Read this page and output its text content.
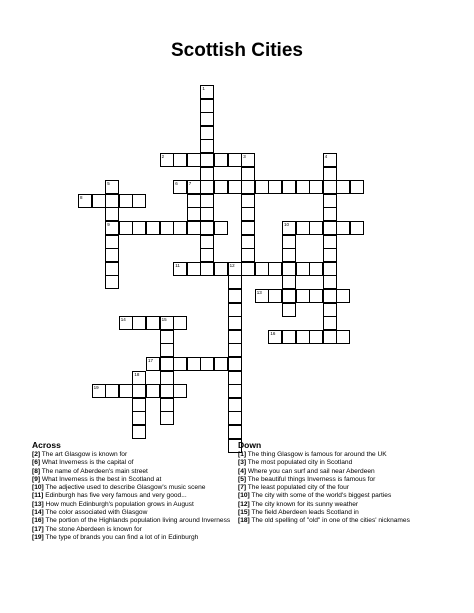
Scottish Cities
1
2	3	4
5
9
6 7
8
10
11	12
13
14	15
16
17
18
19
Across
[2] The art Glasgow is known for
[6] What Inverness is the capital of
[8] The name of Aberdeen's main street
[9] What Inverness is the best in Scotland at
[10] The adjective used to describe Glasgow's music scene
[11] Edinburgh has five very famous and very good...
[13] How much Edinburgh's population grows in August
[14] The color associated with Glasgow
[16] The portion of the Highlands population living around Inverness
[17] The stone Aberdeen is known for
[19] The type of brands you can find a lot of in Edinburgh
Down
[1] The thing Glasgow is famous for around the UK
[3] The most populated city in Scotland
[4] Where you can surf and sail near Aberdeen
[5] The beautiful things Inverness is famous for
[7] The least populated city of the four
[10] The city with some of the world's biggest parties
[12] The city known for its sunny weather
[15] The field Aberdeen leads Scotland in
[18] The old spelling of "old" in one of the cities' nicknames
